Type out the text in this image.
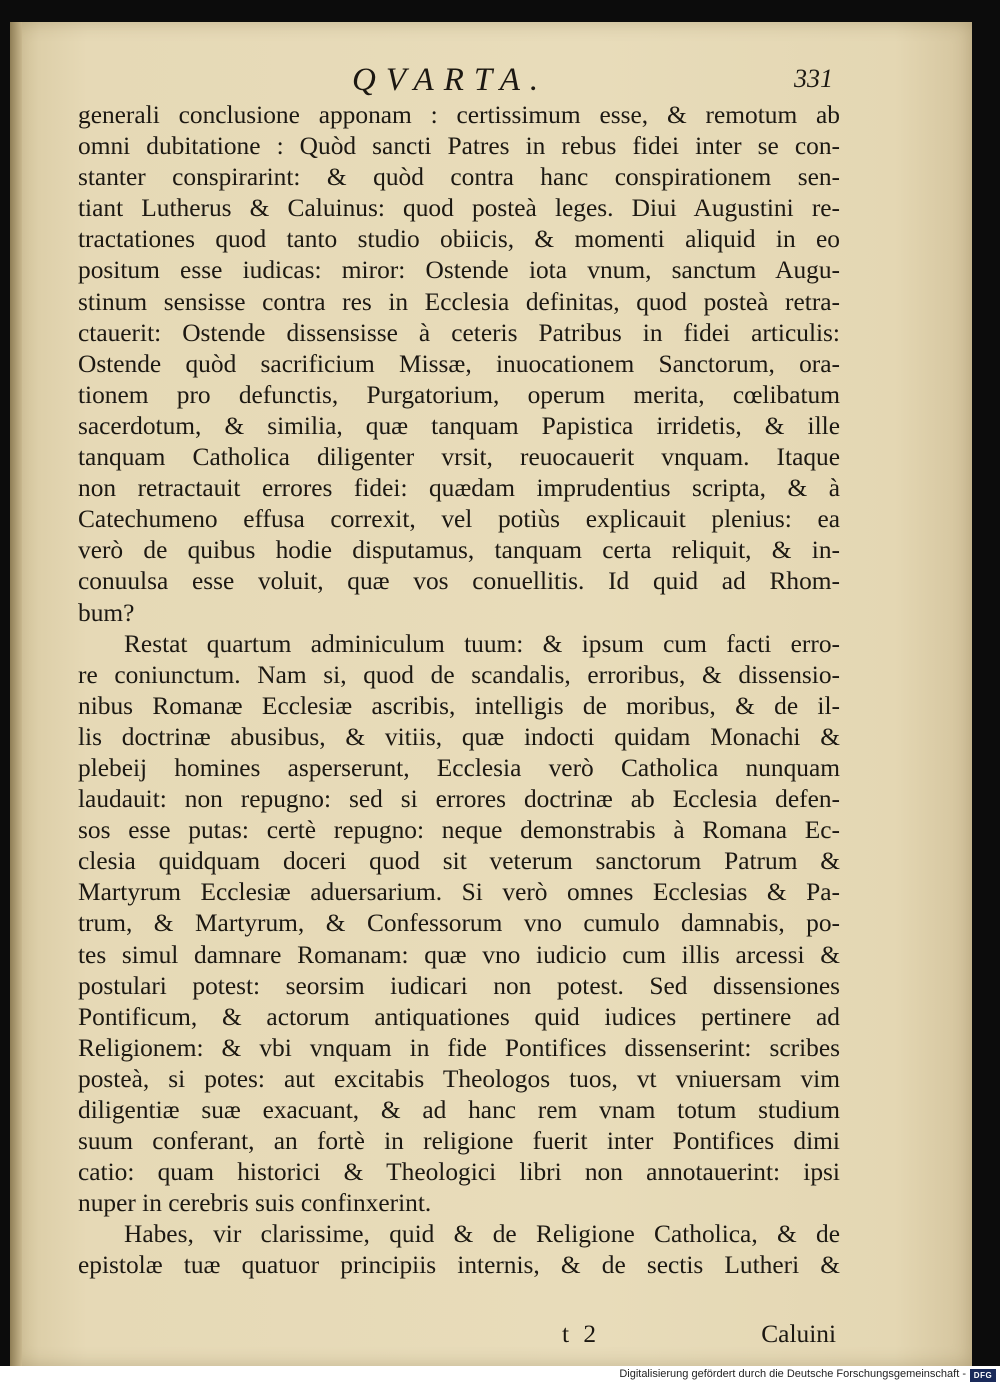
QVARTA.	331
generali conclusione apponam : certissimum esse, & remotum ab
omni dubitatione : Quòd sancti Patres in rebus fidei inter se con-
stanter conspirarint: & quòd contra hanc conspirationem sen-
tiant Lutherus & Caluinus: quod posteà leges. Diui Augustini re-
tractationes quod tanto studio obiicis, & momenti aliquid in eo
positum esse iudicas: miror: Ostende iota vnum, sanctum Augu-
stinum sensisse contra res in Ecclesia definitas, quod posteà retra-
ctauerit: Ostende dissensisse à ceteris Patribus in fidei articulis:
Ostende quòd sacrificium Missæ, inuocationem Sanctorum, ora-
tionem pro defunctis, Purgatorium, operum merita, cœlibatum
sacerdotum, & similia, quæ tanquam Papistica irridetis, & ille
tanquam Catholica diligenter vrsit, reuocauerit vnquam. Itaque
non retractauit errores fidei: quædam imprudentius scripta, & à
Catechumeno effusa correxit, vel potiùs explicauit plenius: ea
verò de quibus hodie disputamus, tanquam certa reliquit, & in-
conuulsa esse voluit, quæ vos conuellitis. Id quid ad Rhom-
bum?
Restat quartum adminiculum tuum: & ipsum cum facti erro-
re coniunctum. Nam si, quod de scandalis, erroribus, & dissensio-
nibus Romanæ Ecclesiæ ascribis, intelligis de moribus, & de il-
lis doctrinæ abusibus, & vitiis, quæ indocti quidam Monachi &
plebeij homines asperserunt, Ecclesia verò Catholica nunquam
laudauit: non repugno: sed si errores doctrinæ ab Ecclesia defen-
sos esse putas: certè repugno: neque demonstrabis à Romana Ec-
clesia quidquam doceri quod sit veterum sanctorum Patrum &
Martyrum Ecclesiæ aduersarium. Si verò omnes Ecclesias & Pa-
trum, & Martyrum, & Confessorum vno cumulo damnabis, po-
tes simul damnare Romanam: quæ vno iudicio cum illis arcessi &
postulari potest: seorsim iudicari non potest. Sed dissensiones
Pontificum, & actorum antiquationes quid iudices pertinere ad
Religionem: & vbi vnquam in fide Pontifices dissenserint: scribes
posteà, si potes: aut excitabis Theologos tuos, vt vniuersam vim
diligentiæ suæ exacuant, & ad hanc rem vnam totum studium
suum conferant, an fortè in religione fuerit inter Pontifices dimi
catio: quam historici & Theologici libri non annotauerint: ipsi
nuper in cerebris suis confinxerint.
Habes, vir clarissime, quid & de Religione Catholica, & de
epistolæ tuæ quatuor principiis internis, & de sectis Lutheri &
t 2	Caluini
Digitalisierung gefördert durch die Deutsche Forschungsgemeinschaft - DFG
